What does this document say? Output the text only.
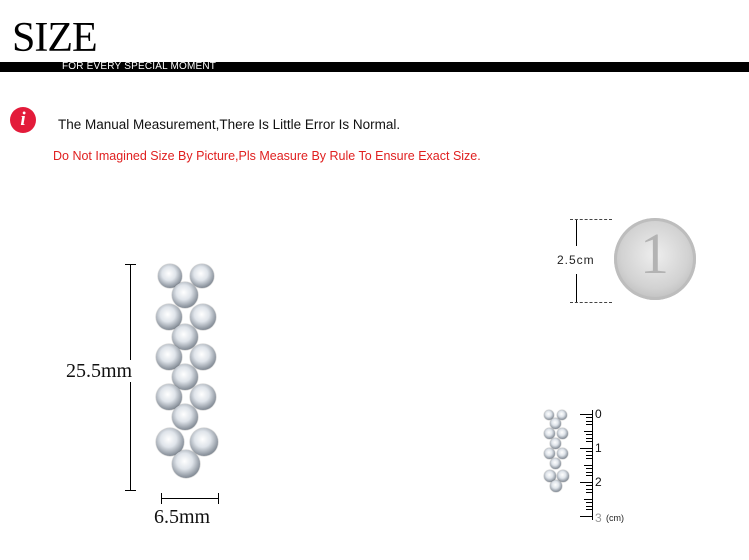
SIZE
FOR EVERY SPECIAL MOMENT
i	The Manual Measurement,There Is Little Error Is Normal.
Do Not Imagined Size By Picture,Pls Measure By Rule To Ensure Exact Size.
25.5mm
6.5mm
2.5cm 1
0
1
2
3 (cm)
